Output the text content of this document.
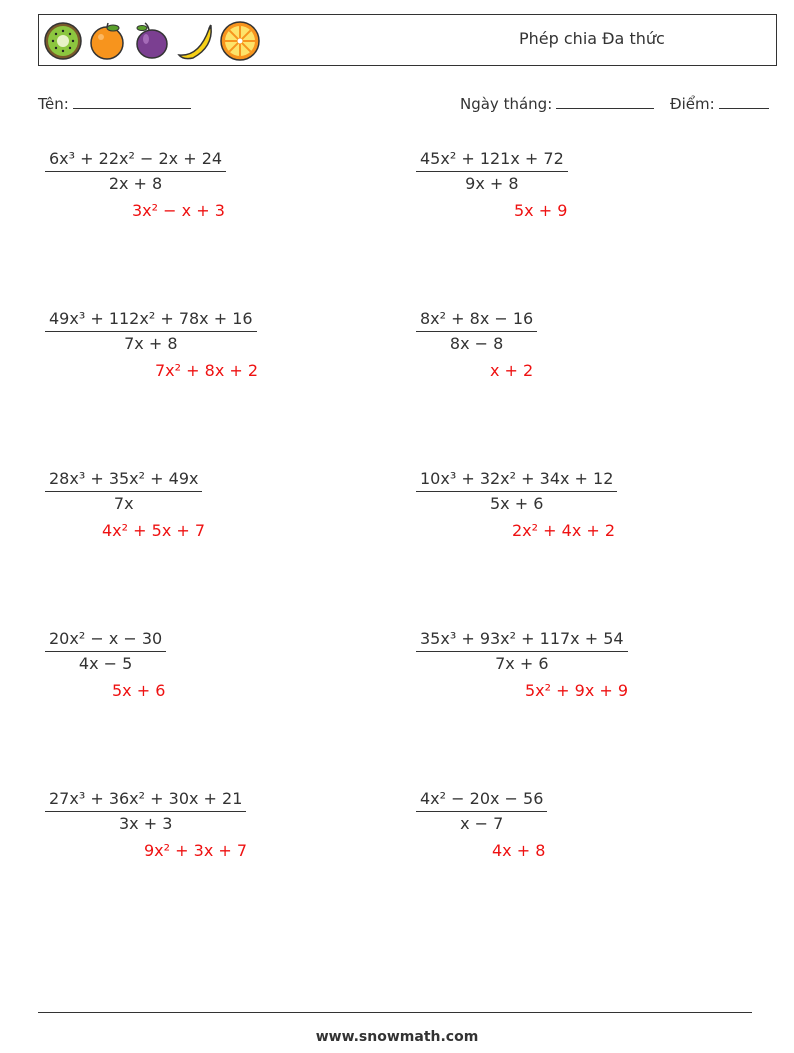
Phép chia Đa thức
Tên:	Ngày tháng:	Điểm:
$\frac{\text{6x³ + 22x² − 2x + 24}}{2x + 8}$
3x² − x + 3
$\frac{\text{45x² + 121x + 72}}{9x + 8}$
5x + 9
$\frac{\text{49x³ + 112x² + 78x + 16}}{7x + 8}$
7x² + 8x + 2
$\frac{\text{8x² + 8x − 16}}{8x - 8}$
x + 2
$\frac{\text{28x³ + 35x² + 49x}}{7x}$
4x² + 5x + 7
$\frac{\text{10x³ + 32x² + 34x + 12}}{5x + 6}$
2x² + 4x + 2
$\frac{\text{20x² − x − 30}}{4x - 5}$
5x + 6
$\frac{\text{35x³ + 93x² + 117x + 54}}{7x + 6}$
5x² + 9x + 9
$\frac{\text{27x³ + 36x² + 30x + 21}}{3x + 3}$
9x² + 3x + 7
$\frac{\text{4x² − 20x − 56}}{x - 7}$
4x + 8
www.snowmath.com
